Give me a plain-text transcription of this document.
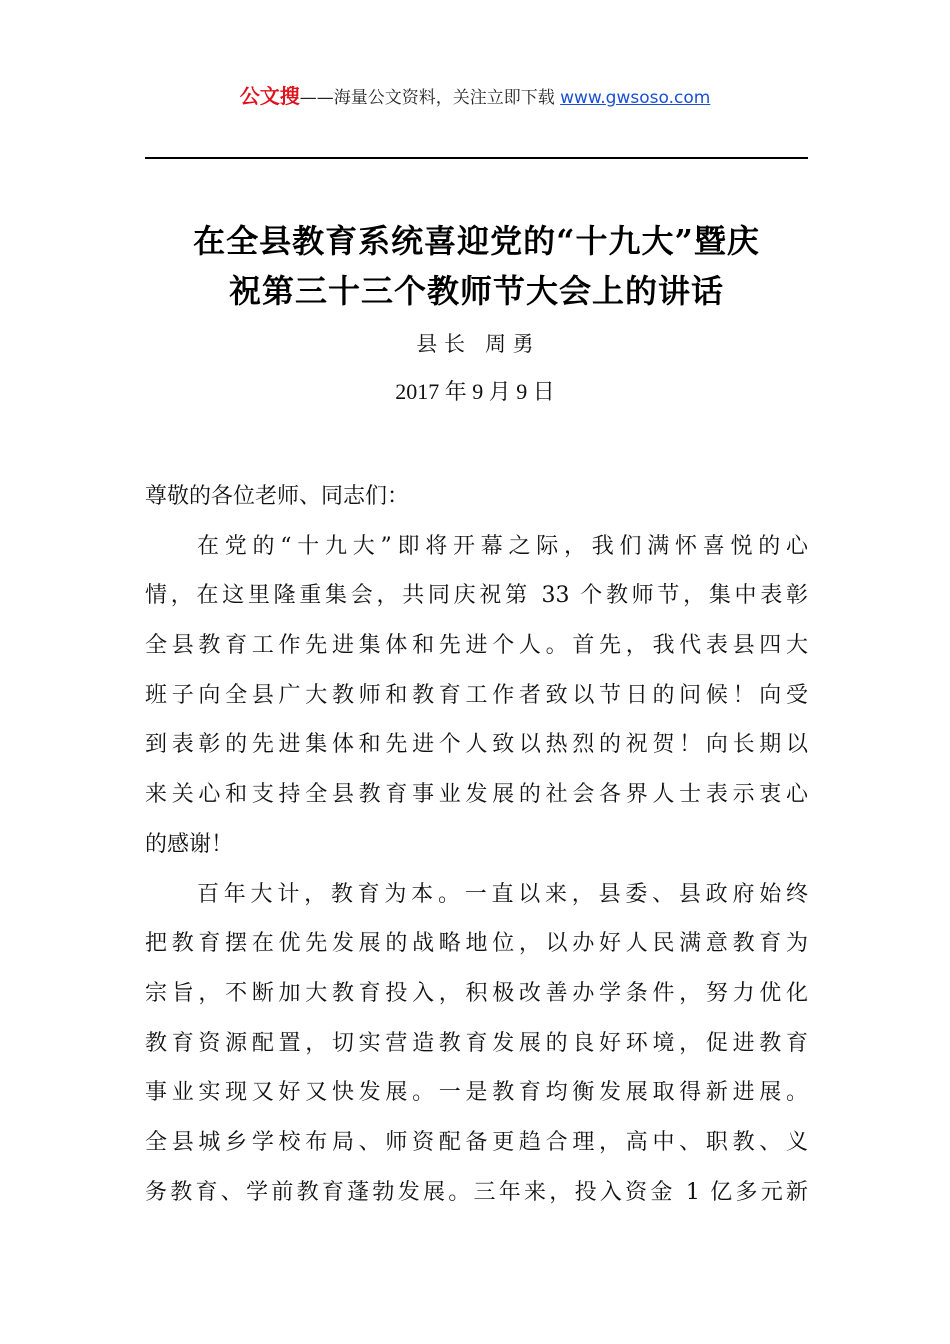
公文搜——海量公文资料，关注立即下载 www.gwsoso.com
在全县教育系统喜迎党的“十九大”暨庆
祝第三十三个教师节大会上的讲话
县 长   周 勇
2017 年 9 月 9 日
尊敬的各位老师、同志们：
在党的“十九大”即将开幕之际，我们满怀喜悦的心
情，在这里隆重集会，共同庆祝第 33 个教师节，集中表彰
全县教育工作先进集体和先进个人。首先，我代表县四大
班子向全县广大教师和教育工作者致以节日的问候！向受
到表彰的先进集体和先进个人致以热烈的祝贺！向长期以
来关心和支持全县教育事业发展的社会各界人士表示衷心
的感谢！
百年大计，教育为本。一直以来，县委、县政府始终
把教育摆在优先发展的战略地位，以办好人民满意教育为
宗旨，不断加大教育投入，积极改善办学条件，努力优化
教育资源配置，切实营造教育发展的良好环境，促进教育
事业实现又好又快发展。一是教育均衡发展取得新进展。
全县城乡学校布局、师资配备更趋合理，高中、职教、义
务教育、学前教育蓬勃发展。三年来，投入资金 1 亿多元新
